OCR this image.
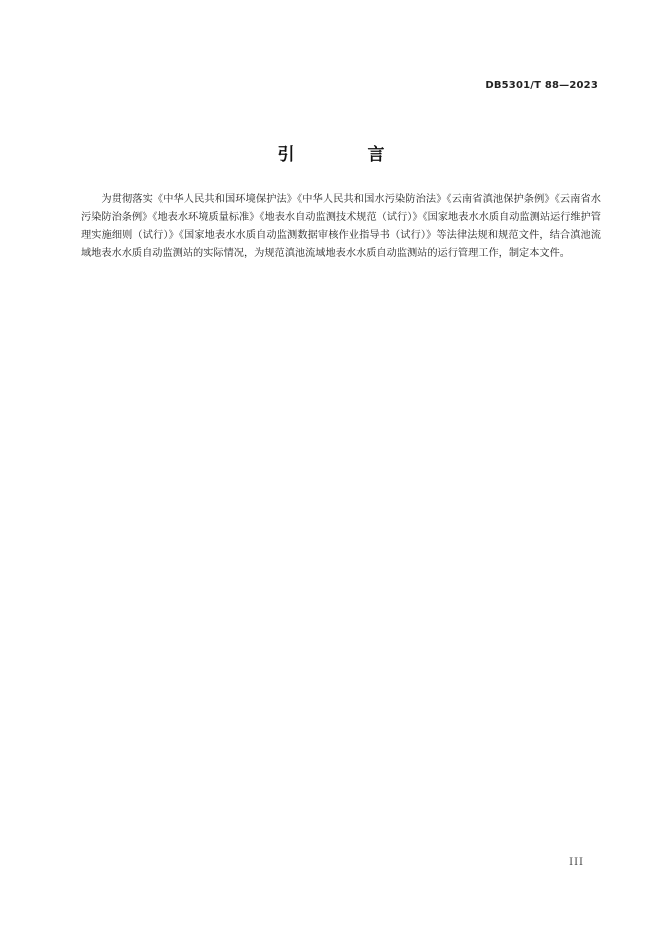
DB5301/T 88—2023
引　言

为贯彻落实《中华人民共和国环境保护法》《中华人民共和国水污染防治法》《云南省滇池保护条例》《云南省水污染防治条例》《地表水环境质量标准》《地表水自动监测技术规范（试行）》《国家地表水水质自动监测站运行维护管理实施细则（试行）》《国家地表水水质自动监测数据审核作业指导书（试行）》等法律法规和规范文件，结合滇池流域地表水水质自动监测站的实际情况，为规范滇池流域地表水水质自动监测站的运行管理工作，制定本文件。

III
